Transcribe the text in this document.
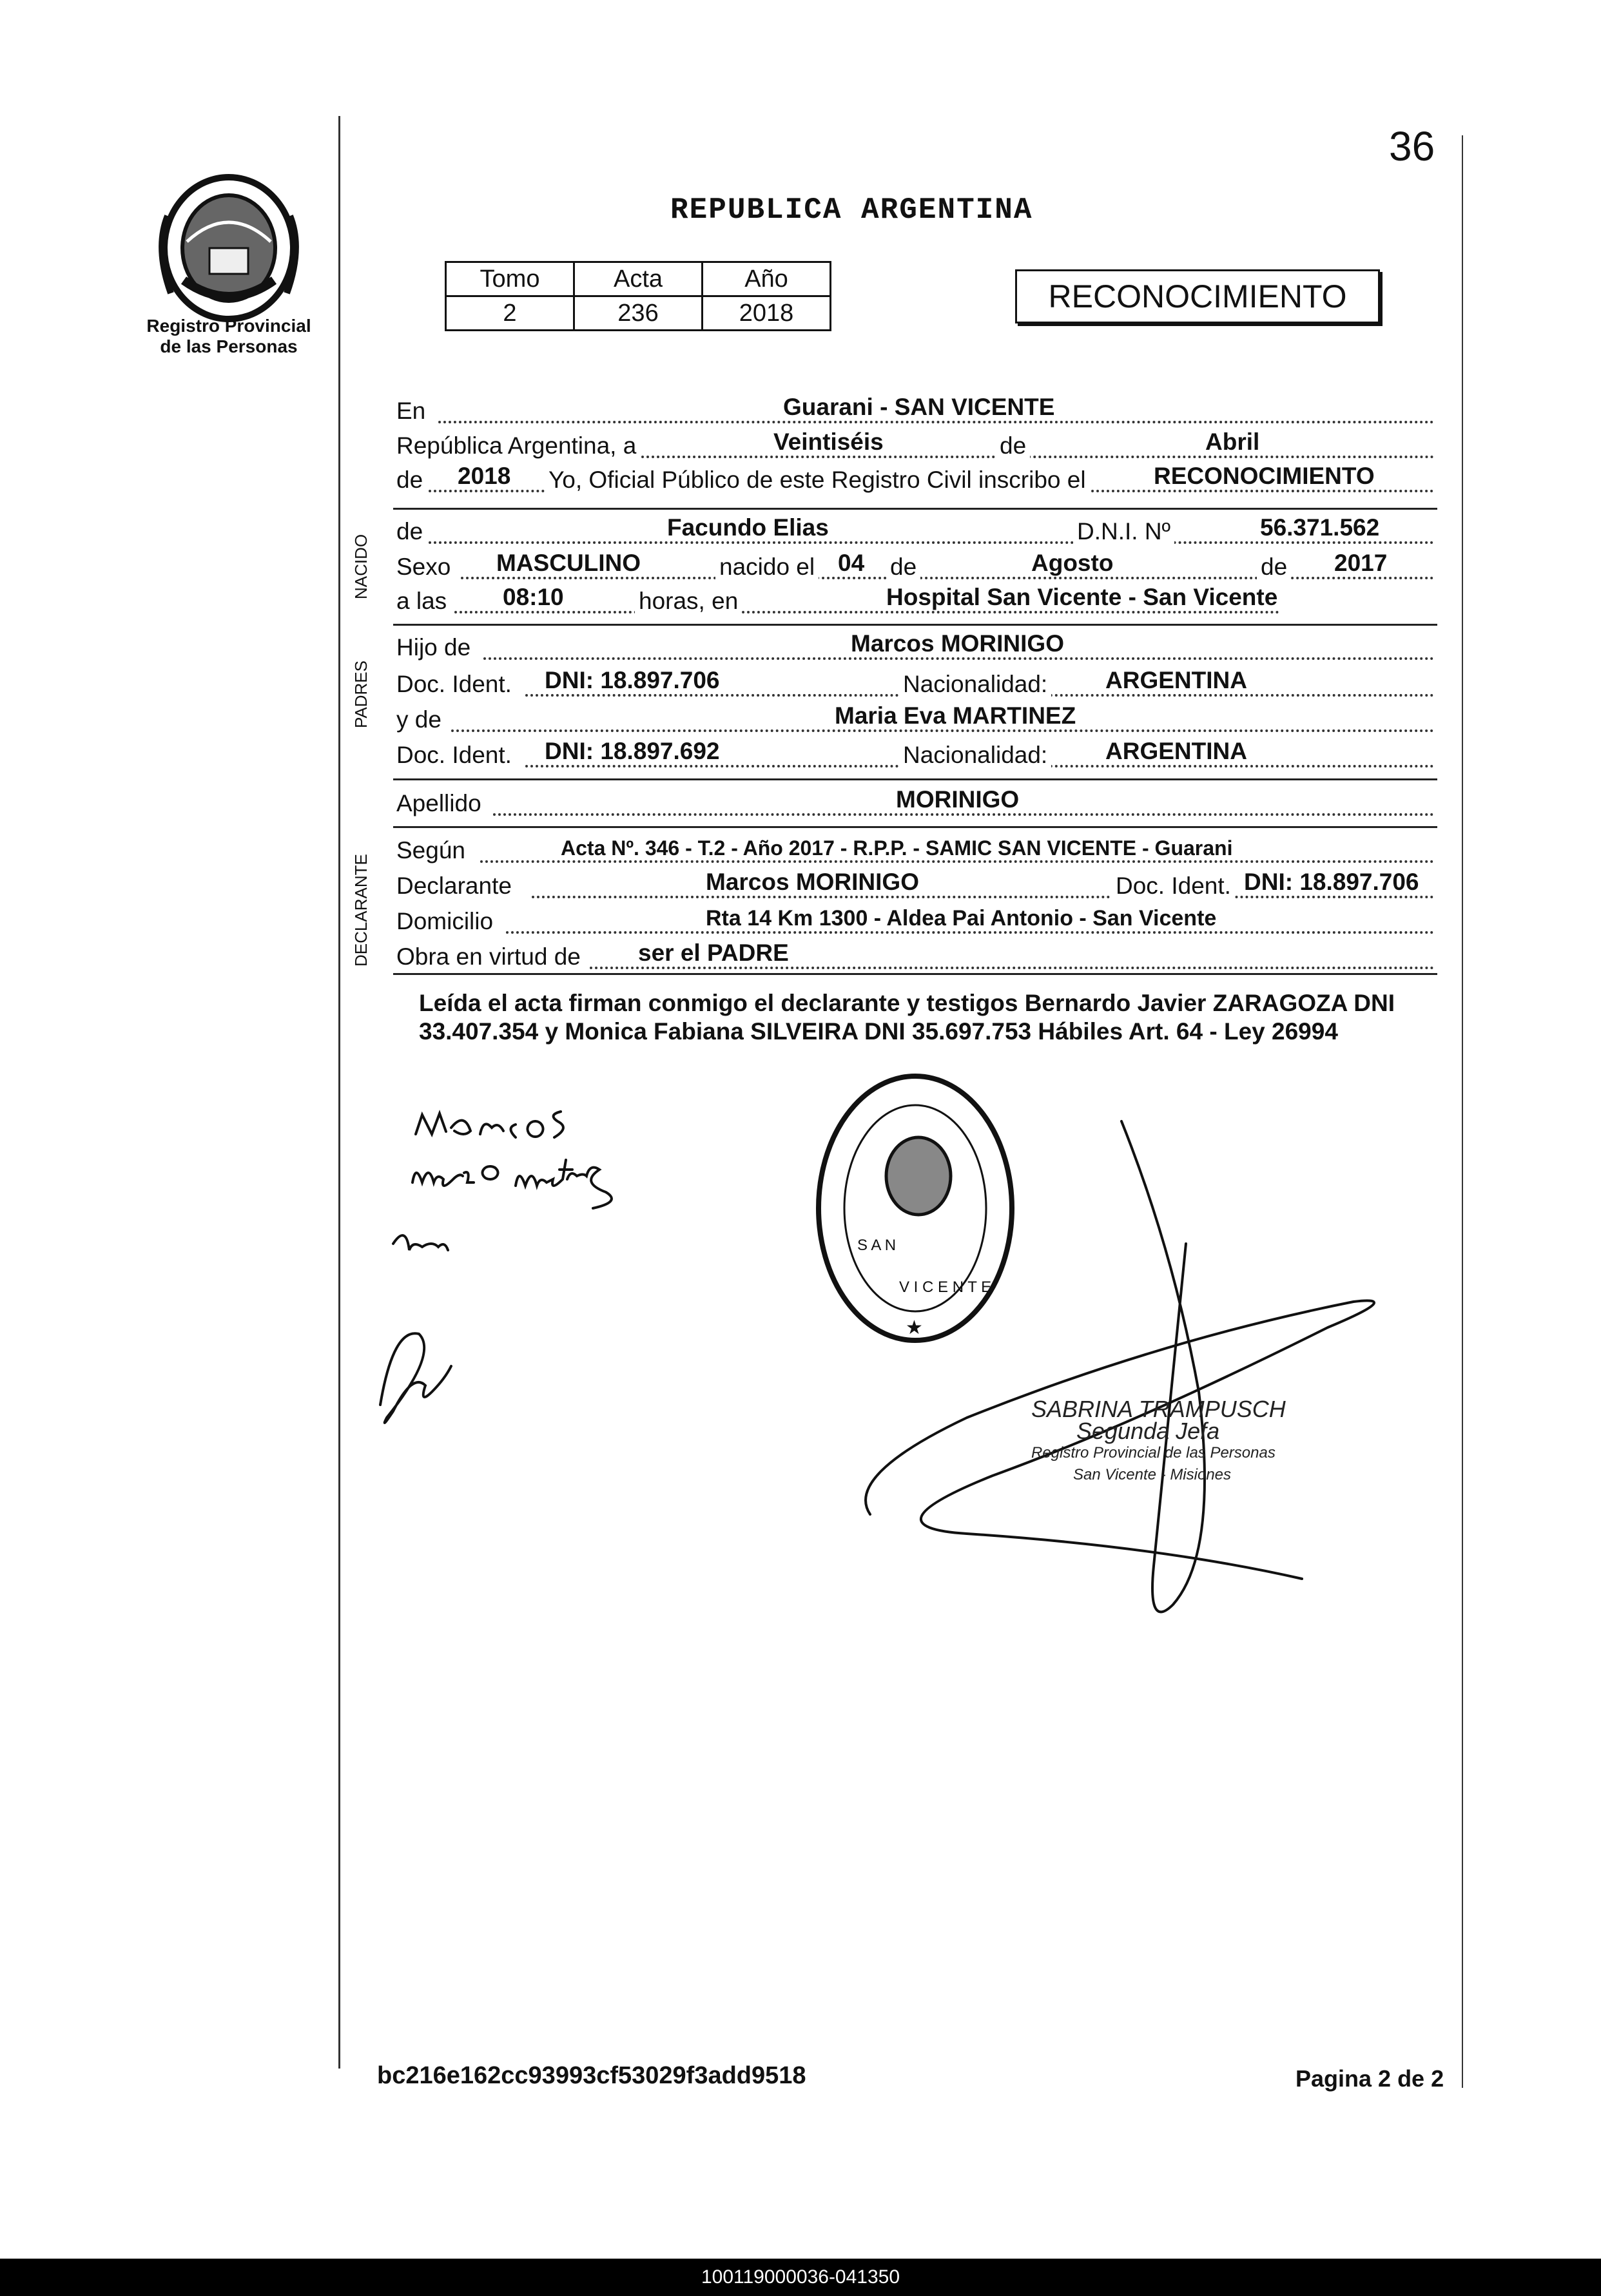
36
Registro Provincial
de las Personas
REPUBLICA ARGENTINA
Tomo	Acta	Año
2	236	2018	RECONOCIMIENTO
En	Guarani - SAN VICENTE
República Argentina, a	Veintiséis	de	Abril
de 2018 Yo, Oficial Público de este Registro Civil inscribo el	RECONOCIMIENTO
NACIDO
de	Facundo Elias	D.N.I. Nº	56.371.562
Sexo MASCULINO	nacido el 04 de	Agosto	de 2017
a las 08:10	horas, en	Hospital San Vicente - San Vicente
PADRES
Hijo de	Marcos MORINIGO
Doc. Ident. DNI: 18.897.706	Nacionalidad: ARGENTINA
y de	Maria Eva MARTINEZ
Doc. Ident. DNI: 18.897.692	Nacionalidad: ARGENTINA
Apellido	MORINIGO
DECLARANTE
Según	Acta Nº. 346 - T.2 - Año 2017 - R.P.P. - SAMIC SAN VICENTE - Guarani
Declarante	Marcos MORINIGO	Doc. Ident. DNI: 18.897.706
Domicilio	Rta 14 Km 1300 - Aldea Pai Antonio - San Vicente
Obra en virtud de ser el PADRE
Leída el acta firman conmigo el declarante y testigos Bernardo Javier ZARAGOZA DNI 33.407.354 y Monica Fabiana SILVEIRA DNI 35.697.753 Hábiles Art. 64 - Ley 26994
★
S A N
V I C E N T E
SABRINA TRAMPUSCH
Segunda Jefa
Registro Provincial de las Personas
San Vicente - Misiones
bc216e162cc93993cf53029f3add9518	Pagina 2 de 2
100119000036-041350
